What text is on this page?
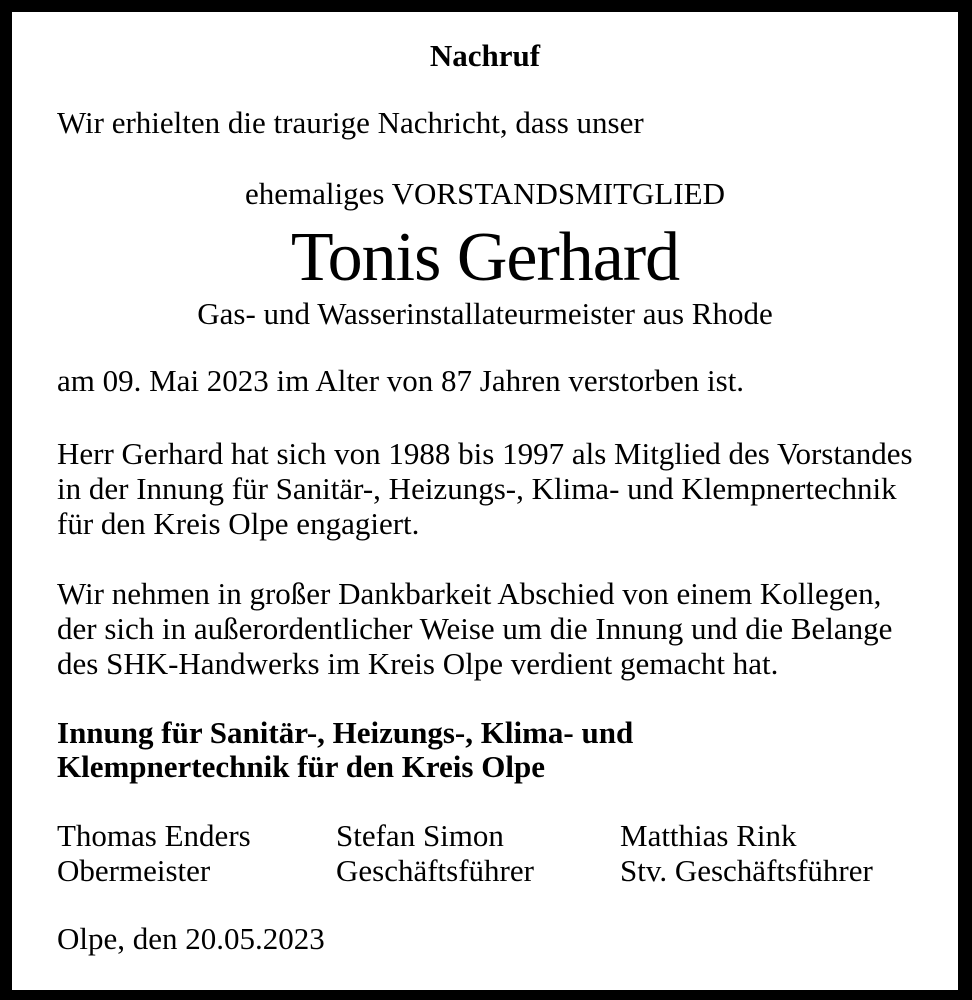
Nachruf
Wir erhielten die traurige Nachricht, dass unser
ehemaliges VORSTANDSMITGLIED
Tonis Gerhard
Gas- und Wasserinstallateurmeister aus Rhode
am 09. Mai 2023 im Alter von 87 Jahren verstorben ist.
Herr Gerhard hat sich von 1988 bis 1997 als Mitglied des Vorstandes
in der Innung für Sanitär-, Heizungs-, Klima- und Klempnertechnik
für den Kreis Olpe engagiert.
Wir nehmen in großer Dankbarkeit Abschied von einem Kollegen,
der sich in außerordentlicher Weise um die Innung und die Belange
des SHK-Handwerks im Kreis Olpe verdient gemacht hat.
Innung für Sanitär-, Heizungs-, Klima- und
Klempnertechnik für den Kreis Olpe
Thomas Enders
Obermeister
Stefan Simon
Geschäftsführer
Matthias Rink
Stv. Geschäftsführer
Olpe, den 20.05.2023
